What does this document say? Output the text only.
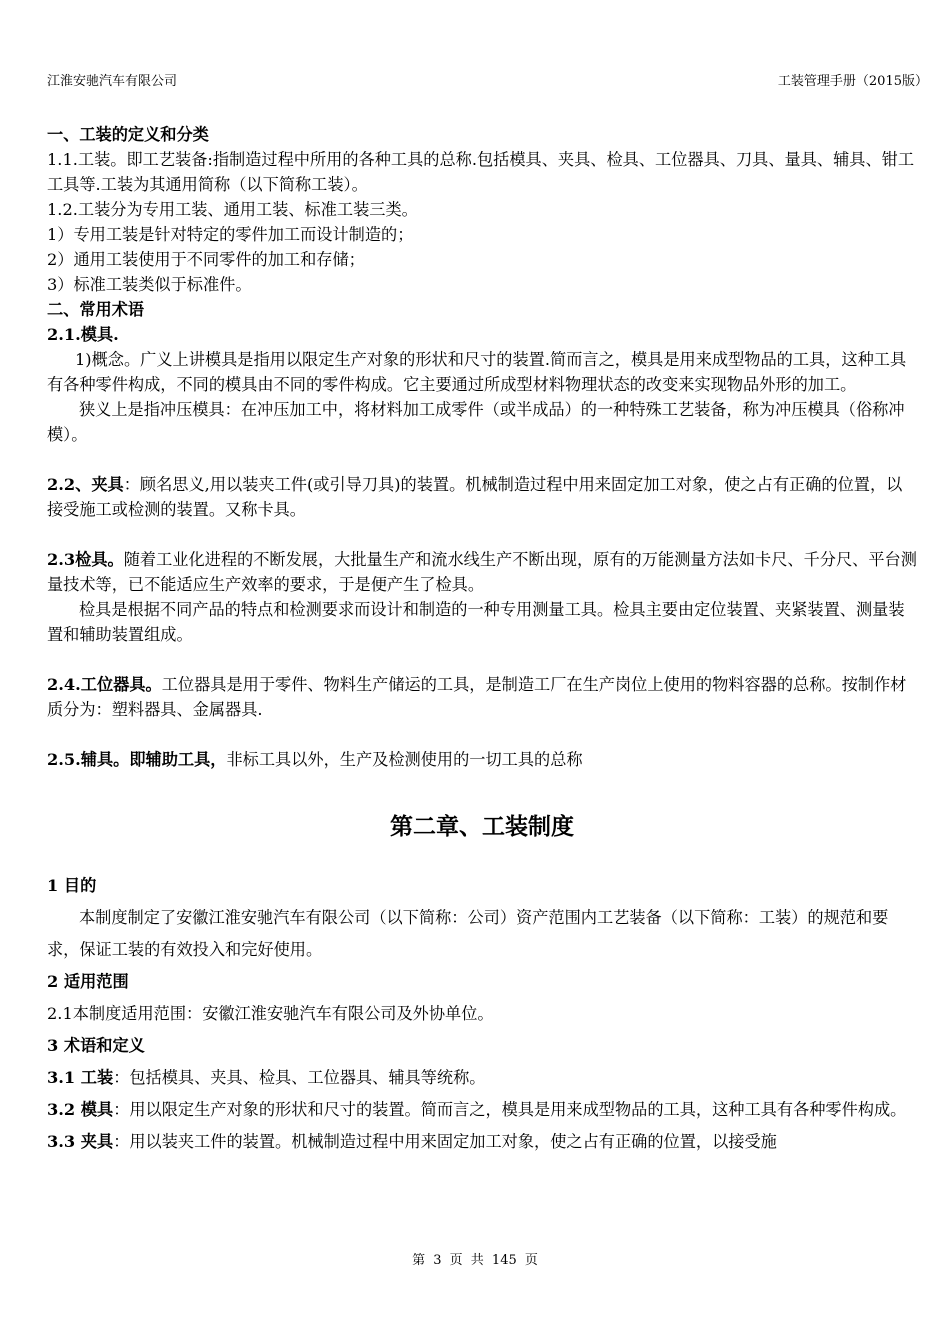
江淮安驰汽车有限公司	工装管理手册（2015版）

一、工装的定义和分类

1.1.工装。即工艺装备:指制造过程中所用的各种工具的总称.包括模具、夹具、检具、工位器具、刀具、量具、辅具、钳工工具等.工装为其通用简称（以下简称工装）。

1.2.工装分为专用工装、通用工装、标准工装三类。

1）专用工装是针对特定的零件加工而设计制造的；

2）通用工装使用于不同零件的加工和存储；

3）标准工装类似于标准件。

二、常用术语

2.1.模具.

1)概念。广义上讲模具是指用以限定生产对象的形状和尺寸的装置.简而言之，模具是用来成型物品的工具，这种工具有各种零件构成，不同的模具由不同的零件构成。它主要通过所成型材料物理状态的改变来实现物品外形的加工。

狭义上是指冲压模具：在冲压加工中，将材料加工成零件（或半成品）的一种特殊工艺装备，称为冲压模具（俗称冲模）。

2.2、夹具：顾名思义,用以装夹工件(或引导刀具)的装置。机械制造过程中用来固定加工对象，使之占有正确的位置，以接受施工或检测的装置。又称卡具。

2.3检具。随着工业化进程的不断发展，大批量生产和流水线生产不断出现，原有的万能测量方法如卡尺、千分尺、平台测量技术等，已不能适应生产效率的要求，于是便产生了检具。

检具是根据不同产品的特点和检测要求而设计和制造的一种专用测量工具。检具主要由定位装置、夹紧装置、测量装置和辅助装置组成。

2.4.工位器具。工位器具是用于零件、物料生产储运的工具，是制造工厂在生产岗位上使用的物料容器的总称。按制作材质分为：塑料器具、金属器具.

2.5.辅具。即辅助工具，非标工具以外，生产及检测使用的一切工具的总称

第二章、工装制度

1 目的

本制度制定了安徽江淮安驰汽车有限公司（以下简称：公司）资产范围内工艺装备（以下简称：工装）的规范和要求，保证工装的有效投入和完好使用。

2 适用范围

2.1本制度适用范围：安徽江淮安驰汽车有限公司及外协单位。

3 术语和定义

3.1 工装：包括模具、夹具、检具、工位器具、辅具等统称。

3.2 模具：用以限定生产对象的形状和尺寸的装置。简而言之，模具是用来成型物品的工具，这种工具有各种零件构成。

3.3 夹具：用以装夹工件的装置。机械制造过程中用来固定加工对象，使之占有正确的位置，以接受施

第 3 页 共 145 页
